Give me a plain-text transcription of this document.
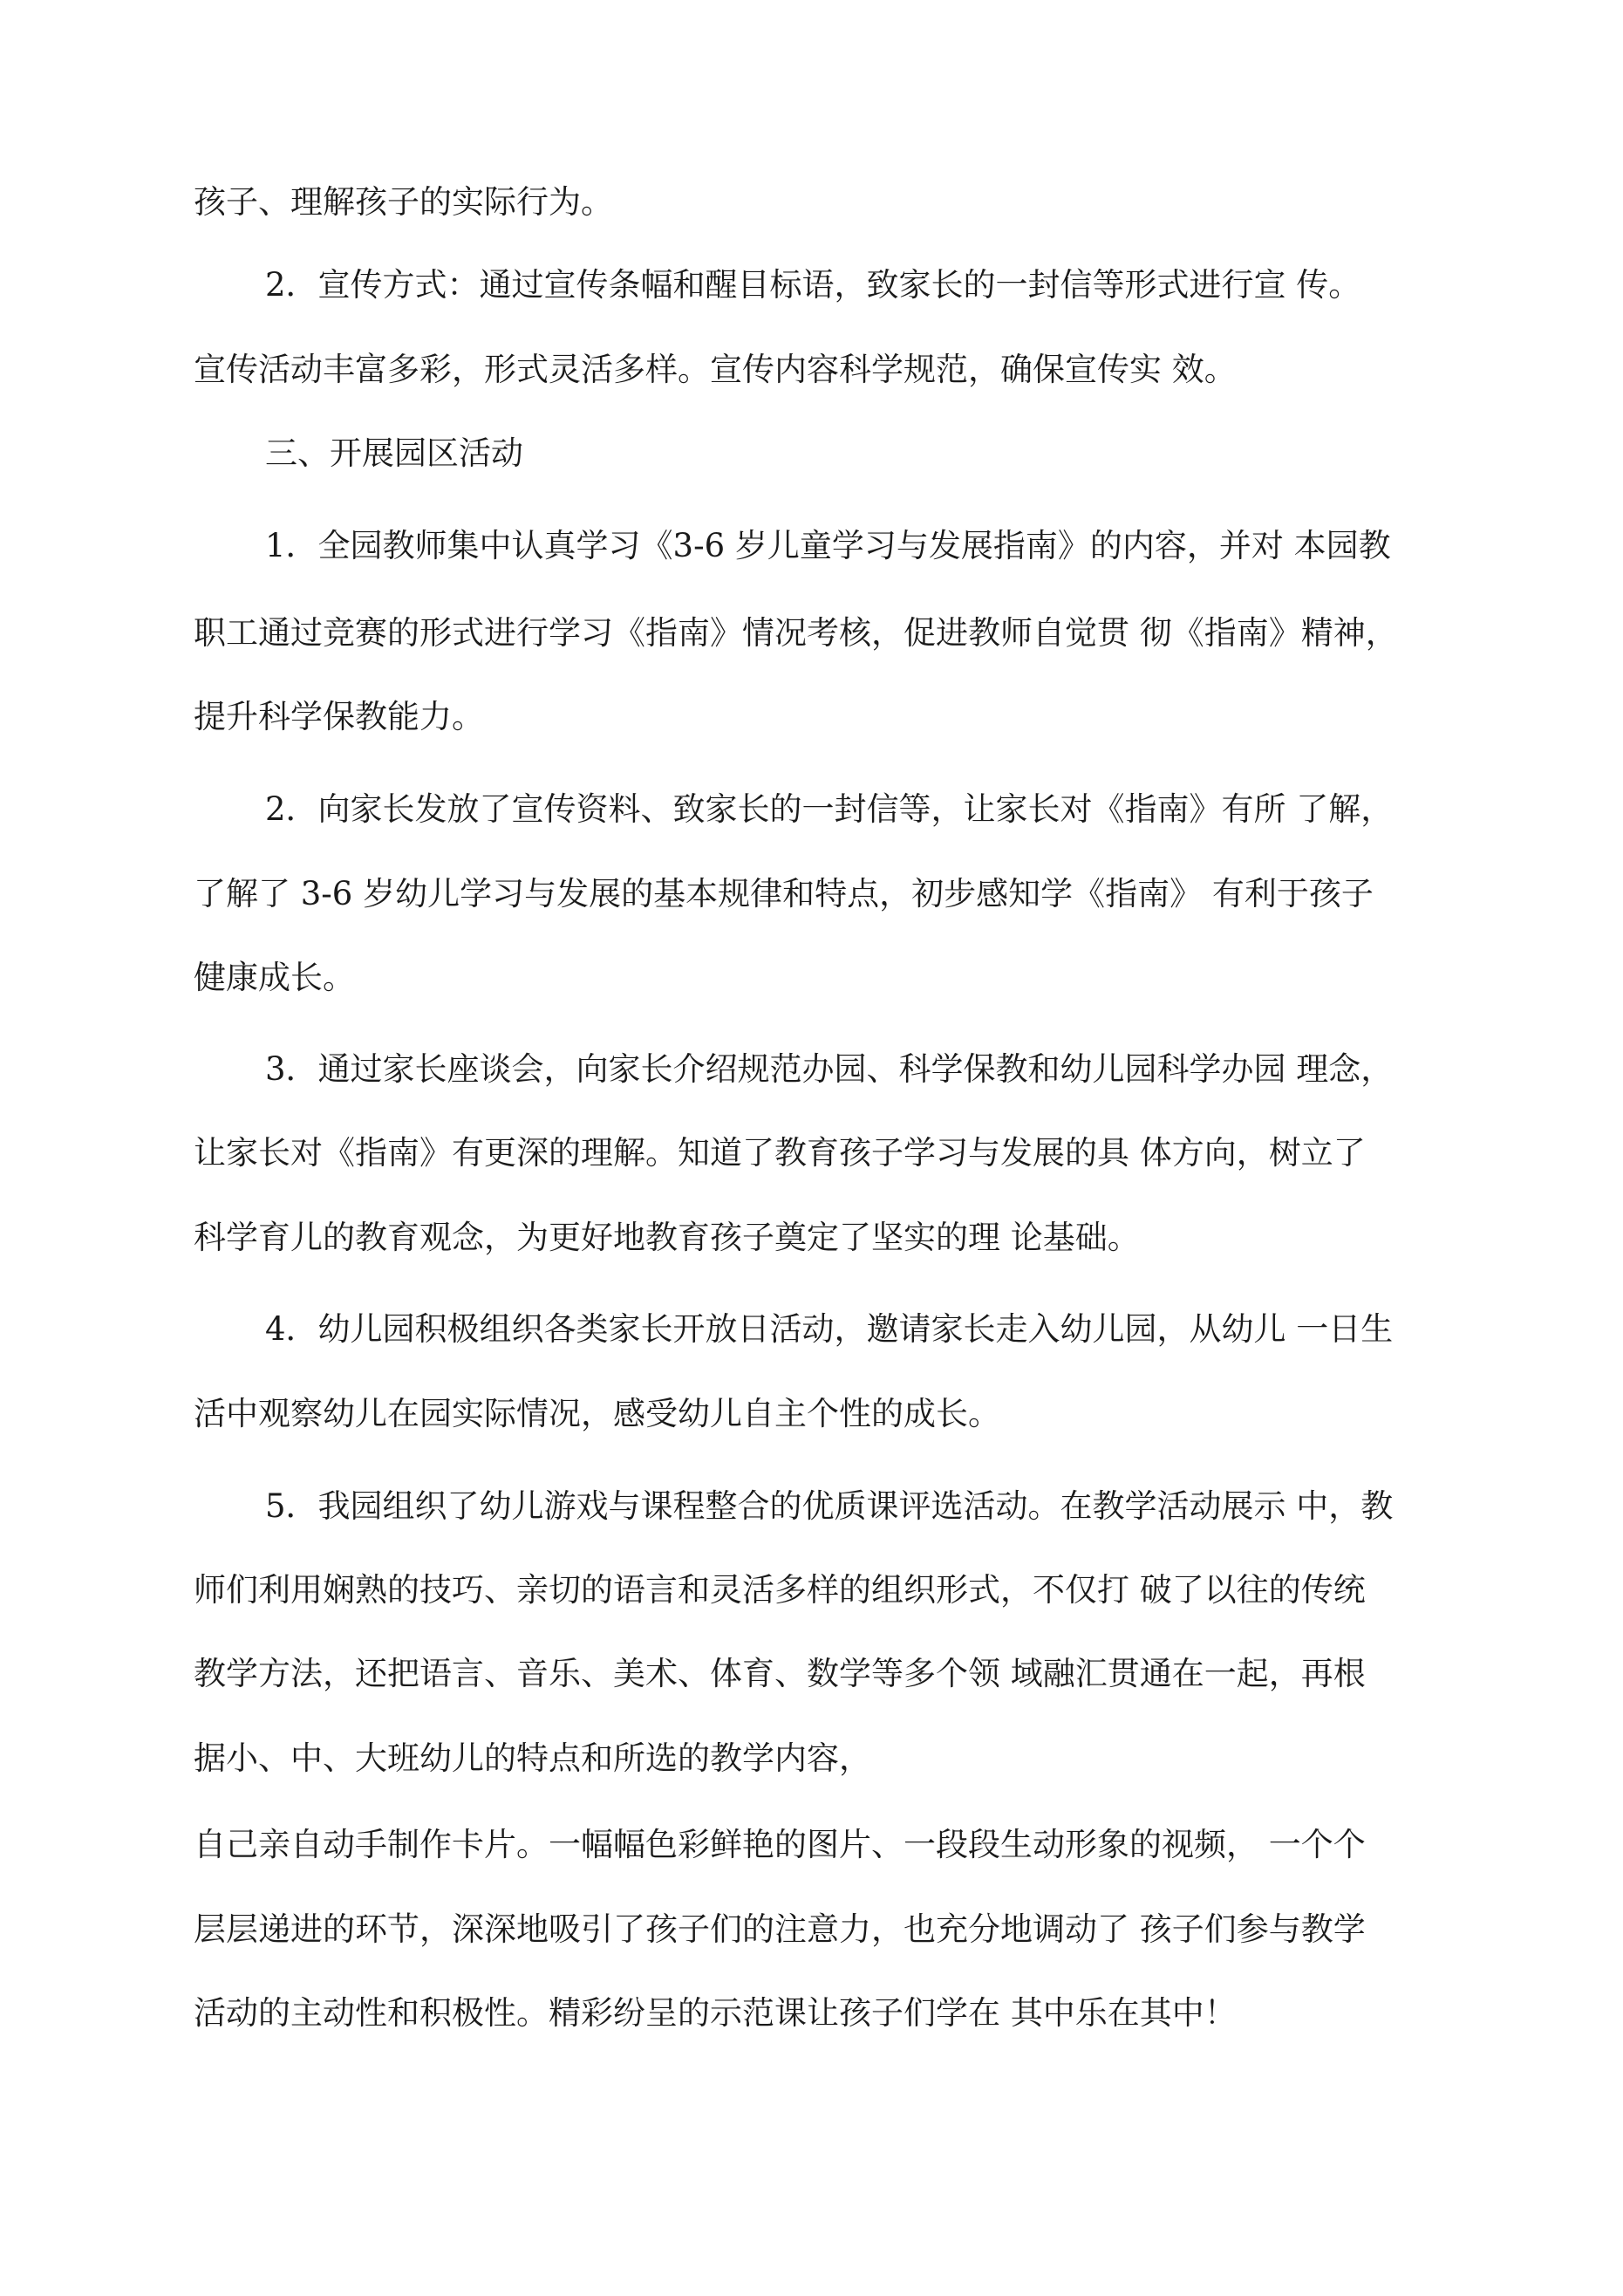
孩子、理解孩子的实际行为。
2．宣传方式：通过宣传条幅和醒目标语，致家长的一封信等形式进行宣 传。
宣传活动丰富多彩，形式灵活多样。宣传内容科学规范，确保宣传实 效。
三、开展园区活动
1．全园教师集中认真学习《3-6 岁儿童学习与发展指南》的内容，并对 本园教
职工通过竞赛的形式进行学习《指南》情况考核，促进教师自觉贯 彻《指南》精神，
提升科学保教能力。
2．向家长发放了宣传资料、致家长的一封信等，让家长对《指南》有所 了解，
了解了 3-6 岁幼儿学习与发展的基本规律和特点，初步感知学《指南》 有利于孩子
健康成长。
3．通过家长座谈会，向家长介绍规范办园、科学保教和幼儿园科学办园 理念，
让家长对《指南》有更深的理解。知道了教育孩子学习与发展的具 体方向，树立了
科学育儿的教育观念，为更好地教育孩子奠定了坚实的理 论基础。
4．幼儿园积极组织各类家长开放日活动，邀请家长走入幼儿园，从幼儿 一日生
活中观察幼儿在园实际情况，感受幼儿自主个性的成长。
5．我园组织了幼儿游戏与课程整合的优质课评选活动。在教学活动展示 中，教
师们利用娴熟的技巧、亲切的语言和灵活多样的组织形式，不仅打 破了以往的传统
教学方法，还把语言、音乐、美术、体育、数学等多个领 域融汇贯通在一起，再根
据小、中、大班幼儿的特点和所选的教学内容，
自己亲自动手制作卡片。一幅幅色彩鲜艳的图片、一段段生动形象的视频， 一个个
层层递进的环节，深深地吸引了孩子们的注意力，也充分地调动了 孩子们参与教学
活动的主动性和积极性。精彩纷呈的示范课让孩子们学在 其中乐在其中！
